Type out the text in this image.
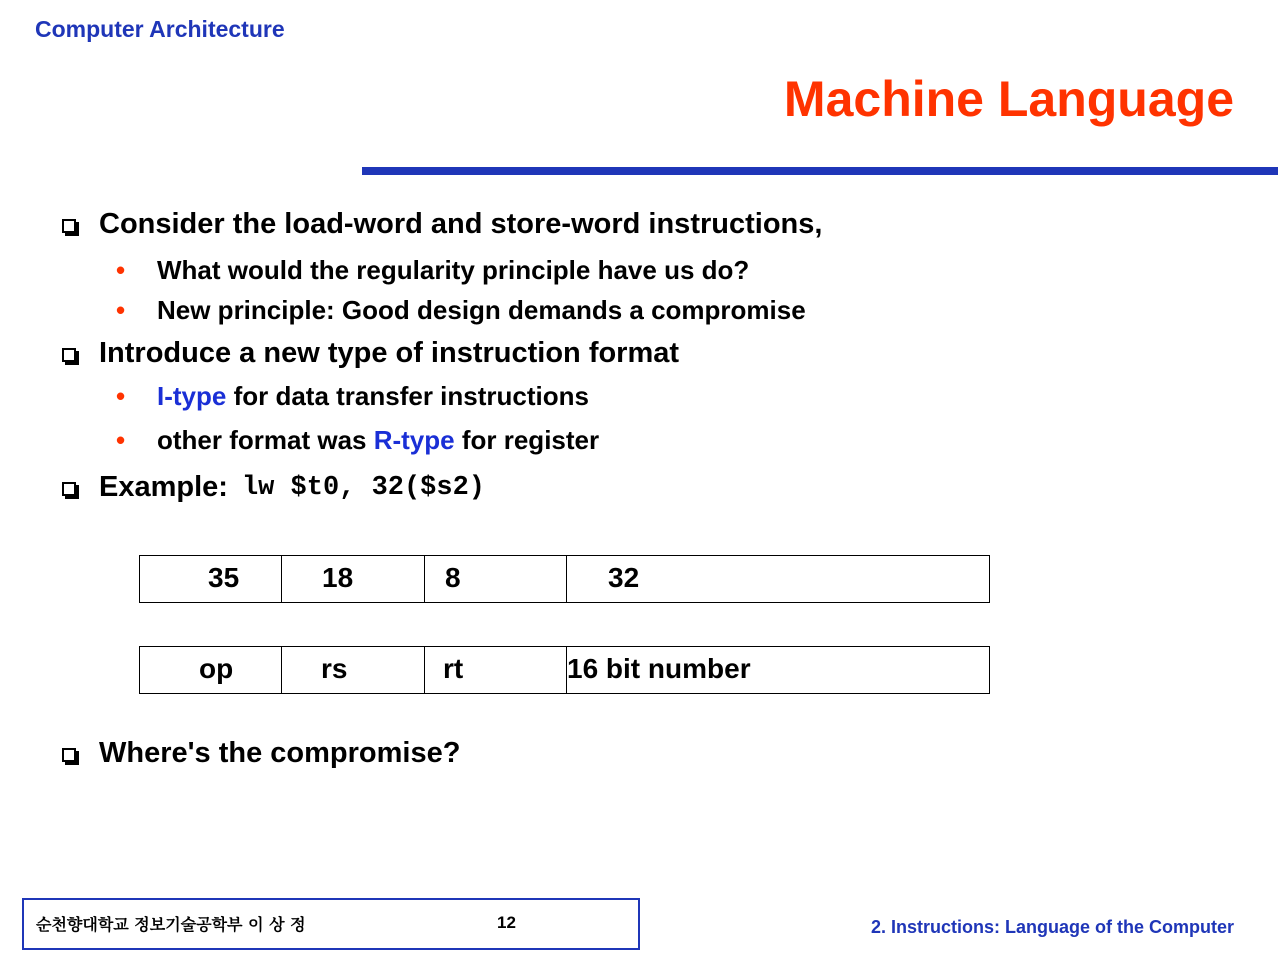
Computer Architecture
Machine Language
Consider the load-word and store-word instructions,
• What would the regularity principle have us do?
• New principle: Good design demands a compromise
Introduce a new type of instruction format
• I-type for data transfer instructions
• other format was R-type for register
Example: lw $t0, 32($s2)
35	18	8	32
op	rs	rt	16 bit number
Where's the compromise?
순천향대학교 정보기술공학부 이 상 정	12	2. Instructions: Language of the Computer
